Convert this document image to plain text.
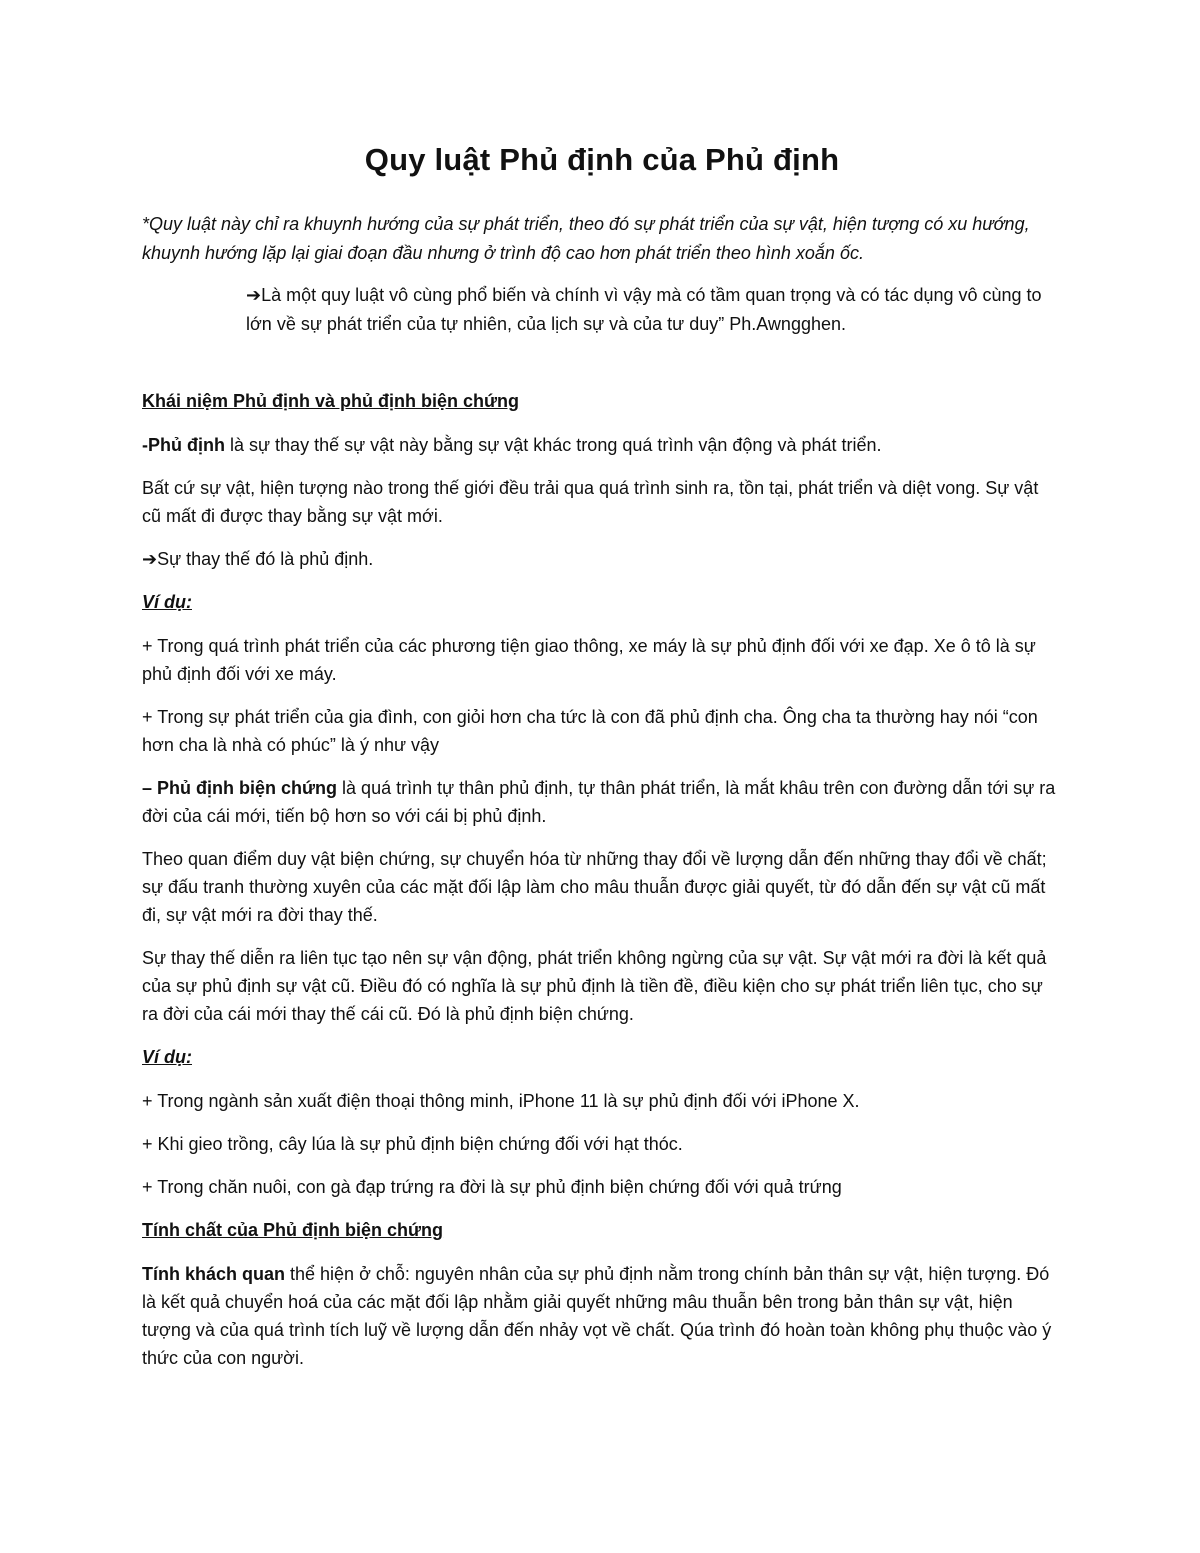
Quy luật Phủ định của Phủ định
*Quy luật này chỉ ra khuynh hướng của sự phát triển, theo đó sự phát triển của sự vật, hiện tượng có xu hướng, khuynh hướng lặp lại giai đoạn đầu nhưng ở trình độ cao hơn phát triển theo hình xoắn ốc.
➔Là một quy luật vô cùng phổ biến và chính vì vậy mà có tầm quan trọng và có tác dụng vô cùng to lớn về sự phát triển của tự nhiên, của lịch sự và của tư duy” Ph.Awngghen.
Khái niệm Phủ định và phủ định biện chứng
-Phủ định là sự thay thế sự vật này bằng sự vật khác trong quá trình vận động và phát triển.
Bất cứ sự vật, hiện tượng nào trong thế giới đều trải qua quá trình sinh ra, tồn tại, phát triển và diệt vong. Sự vật cũ mất đi được thay bằng sự vật mới.
➔Sự thay thế đó là phủ định.
Ví dụ:
+ Trong quá trình phát triển của các phương tiện giao thông, xe máy là sự phủ định đối với xe đạp. Xe ô tô là sự phủ định đối với xe máy.
+ Trong sự phát triển của gia đình, con giỏi hơn cha tức là con đã phủ định cha. Ông cha ta thường hay nói “con hơn cha là nhà có phúc” là ý như vậy
– Phủ định biện chứng là quá trình tự thân phủ định, tự thân phát triển, là mắt khâu trên con đường dẫn tới sự ra đời của cái mới, tiến bộ hơn so với cái bị phủ định.
Theo quan điểm duy vật biện chứng, sự chuyển hóa từ những thay đổi về lượng dẫn đến những thay đổi về chất; sự đấu tranh thường xuyên của các mặt đối lập làm cho mâu thuẫn được giải quyết, từ đó dẫn đến sự vật cũ mất đi, sự vật mới ra đời thay thế.
Sự thay thế diễn ra liên tục tạo nên sự vận động, phát triển không ngừng của sự vật. Sự vật mới ra đời là kết quả của sự phủ định sự vật cũ. Điều đó có nghĩa là sự phủ định là tiền đề, điều kiện cho sự phát triển liên tục, cho sự ra đời của cái mới thay thế cái cũ. Đó là phủ định biện chứng.
Ví dụ:
+ Trong ngành sản xuất điện thoại thông minh, iPhone 11 là sự phủ định đối với iPhone X.
+ Khi gieo trồng, cây lúa là sự phủ định biện chứng đối với hạt thóc.
+ Trong chăn nuôi, con gà đạp trứng ra đời là sự phủ định biện chứng đối với quả trứng
Tính chất của Phủ định biện chứng
Tính khách quan thể hiện ở chỗ: nguyên nhân của sự phủ định nằm trong chính bản thân sự vật, hiện tượng. Đó là kết quả chuyển hoá của các mặt đối lập nhằm giải quyết những mâu thuẫn bên trong bản thân sự vật, hiện tượng và của quá trình tích luỹ về lượng dẫn đến nhảy vọt về chất. Qúa trình đó hoàn toàn không phụ thuộc vào ý thức của con người.
